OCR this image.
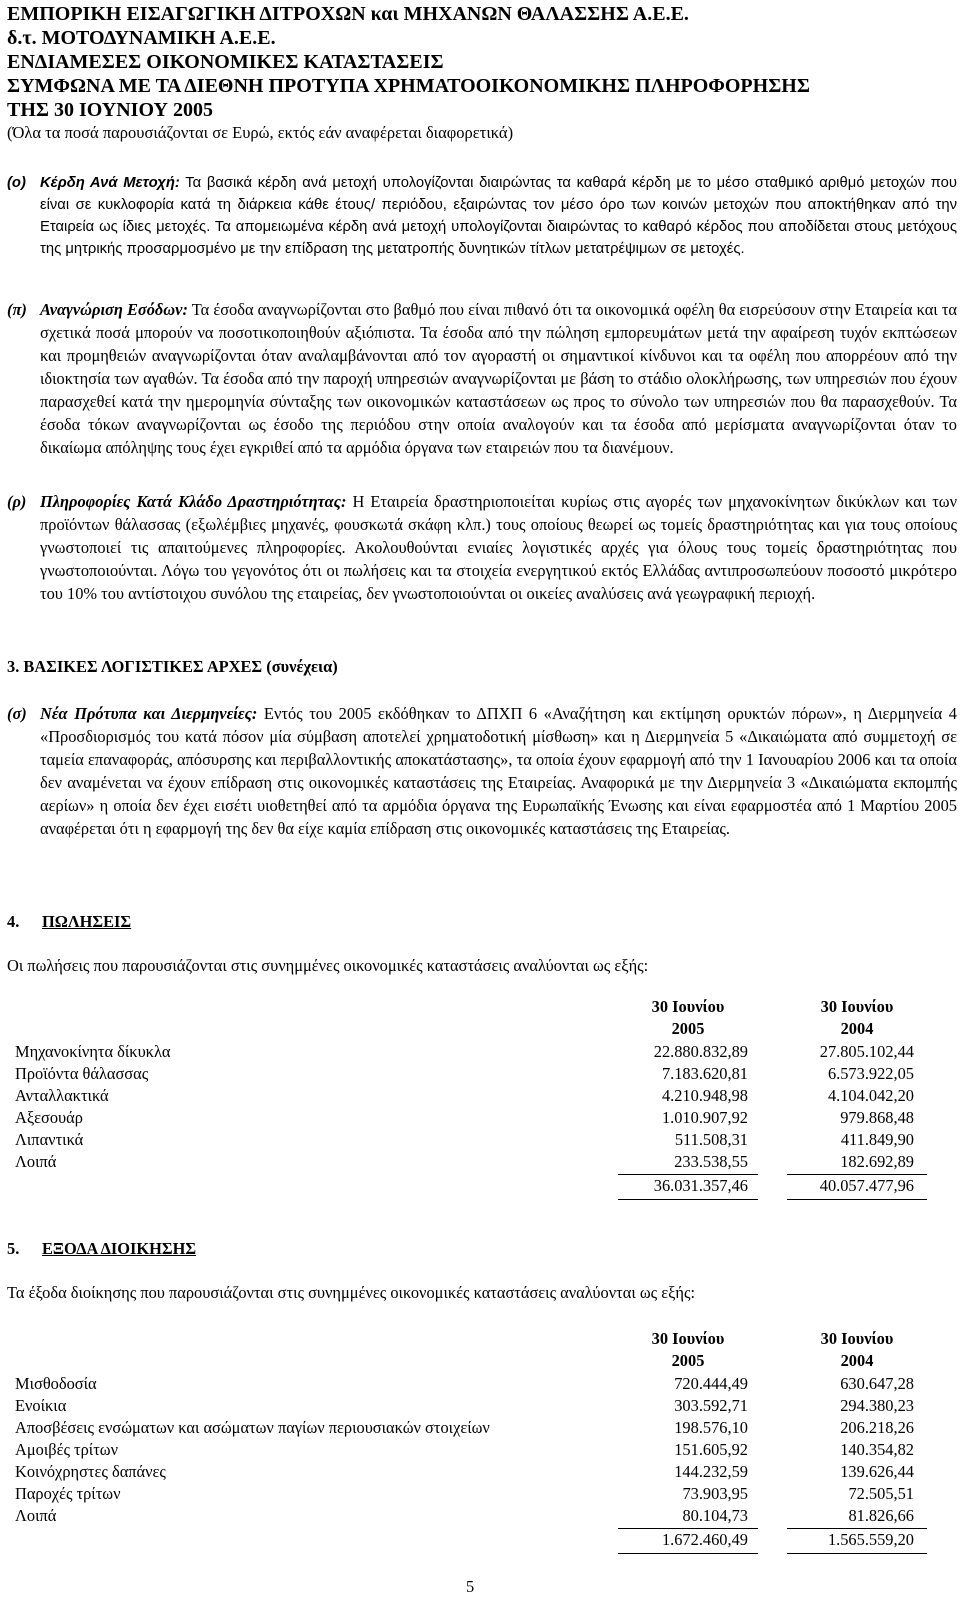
ΕΜΠΟΡΙΚΗ ΕΙΣΑΓΩΓΙΚΗ ΔΙΤΡΟΧΩΝ και ΜΗΧΑΝΩΝ ΘΑΛΑΣΣΗΣ Α.Ε.Ε.
δ.τ. ΜΟΤΟΔΥΝΑΜΙΚΗ Α.Ε.Ε.
ΕΝΔΙΑΜΕΣΕΣ ΟΙΚΟΝΟΜΙΚΕΣ ΚΑΤΑΣΤΑΣΕΙΣ
ΣΥΜΦΩΝΑ ΜΕ ΤΑ ΔΙΕΘΝΗ ΠΡΟΤΥΠΑ ΧΡΗΜΑΤΟΟΙΚΟΝΟΜΙΚΗΣ ΠΛΗΡΟΦΟΡΗΣΗΣ
ΤΗΣ 30 ΙΟΥΝΙΟΥ 2005
(Όλα τα ποσά παρουσιάζονται σε Ευρώ, εκτός εάν αναφέρεται διαφορετικά)
(ο) Κέρδη Ανά Μετοχή: Τα βασικά κέρδη ανά μετοχή υπολογίζονται διαιρώντας τα καθαρά κέρδη με το μέσο σταθμικό αριθμό μετοχών που είναι σε κυκλοφορία κατά τη διάρκεια κάθε έτους/ περιόδου, εξαιρώντας τον μέσο όρο των κοινών μετοχών που αποκτήθηκαν από την Εταιρεία ως ίδιες μετοχές. Τα απομειωμένα κέρδη ανά μετοχή υπολογίζονται διαιρώντας το καθαρό κέρδος που αποδίδεται στους μετόχους της μητρικής προσαρμοσμένο με την επίδραση της μετατροπής δυνητικών τίτλων μετατρέψιμων σε μετοχές.
(π) Αναγνώριση Εσόδων: Τα έσοδα αναγνωρίζονται στο βαθμό που είναι πιθανό ότι τα οικονομικά οφέλη θα εισρεύσουν στην Εταιρεία και τα σχετικά ποσά μπορούν να ποσοτικοποιηθούν αξιόπιστα. Τα έσοδα από την πώληση εμπορευμάτων μετά την αφαίρεση τυχόν εκπτώσεων και προμηθειών αναγνωρίζονται όταν αναλαμβάνονται από τον αγοραστή οι σημαντικοί κίνδυνοι και τα οφέλη που απορρέουν από την ιδιοκτησία των αγαθών. Τα έσοδα από την παροχή υπηρεσιών αναγνωρίζονται με βάση το στάδιο ολοκλήρωσης, των υπηρεσιών που έχουν παρασχεθεί κατά την ημερομηνία σύνταξης των οικονομικών καταστάσεων ως προς το σύνολο των υπηρεσιών που θα παρασχεθούν. Τα έσοδα τόκων αναγνωρίζονται ως έσοδο της περιόδου στην οποία αναλογούν και τα έσοδα από μερίσματα αναγνωρίζονται όταν το δικαίωμα απόληψης τους έχει εγκριθεί από τα αρμόδια όργανα των εταιρειών που τα διανέμουν.
(ρ) Πληροφορίες Κατά Κλάδο Δραστηριότητας: Η Εταιρεία δραστηριοποιείται κυρίως στις αγορές των μηχανοκίνητων δικύκλων και των προϊόντων θάλασσας (εξωλέμβιες μηχανές, φουσκωτά σκάφη κλπ.) τους οποίους θεωρεί ως τομείς δραστηριότητας και για τους οποίους γνωστοποιεί τις απαιτούμενες πληροφορίες. Ακολουθούνται ενιαίες λογιστικές αρχές για όλους τους τομείς δραστηριότητας που γνωστοποιούνται. Λόγω του γεγονότος ότι οι πωλήσεις και τα στοιχεία ενεργητικού εκτός Ελλάδας αντιπροσωπεύουν ποσοστό μικρότερο του 10% του αντίστοιχου συνόλου της εταιρείας, δεν γνωστοποιούνται οι οικείες αναλύσεις ανά γεωγραφική περιοχή.
3. ΒΑΣΙΚΕΣ ΛΟΓΙΣΤΙΚΕΣ ΑΡΧΕΣ (συνέχεια)
(σ) Νέα Πρότυπα και Διερμηνείες: Εντός του 2005 εκδόθηκαν το ΔΠΧΠ 6 «Αναζήτηση και εκτίμηση ορυκτών πόρων», η Διερμηνεία 4 «Προσδιορισμός του κατά πόσον μία σύμβαση αποτελεί χρηματοδοτική μίσθωση» και η Διερμηνεία 5 «Δικαιώματα από συμμετοχή σε ταμεία επαναφοράς, απόσυρσης και περιβαλλοντικής αποκατάστασης», τα οποία έχουν εφαρμογή από την 1 Ιανουαρίου 2006 και τα οποία δεν αναμένεται να έχουν επίδραση στις οικονομικές καταστάσεις της Εταιρείας. Αναφορικά με την Διερμηνεία 3 «Δικαιώματα εκπομπής αερίων» η οποία δεν έχει εισέτι υιοθετηθεί από τα αρμόδια όργανα της Ευρωπαϊκής Ένωσης και είναι εφαρμοστέα από 1 Μαρτίου 2005 αναφέρεται ότι η εφαρμογή της δεν θα είχε καμία επίδραση στις οικονομικές καταστάσεις της Εταιρείας.
4. ΠΩΛΗΣΕΙΣ
Οι πωλήσεις που παρουσιάζονται στις συνημμένες οικονομικές καταστάσεις αναλύονται ως εξής:
30 Ιουνίου
2005
30 Ιουνίου
2004
Μηχανοκίνητα δίκυκλα	22.880.832,89	27.805.102,44
Προϊόντα θάλασσας	7.183.620,81	6.573.922,05
Ανταλλακτικά	4.210.948,98	4.104.042,20
Αξεσουάρ	1.010.907,92	979.868,48
Λιπαντικά	511.508,31	411.849,90
Λοιπά	233.538,55	182.692,89
36.031.357,46	40.057.477,96
5. ΕΞΟΔΑ ΔΙΟΙΚΗΣΗΣ
Τα έξοδα διοίκησης που παρουσιάζονται στις συνημμένες οικονομικές καταστάσεις αναλύονται ως εξής:
30 Ιουνίου
2005
30 Ιουνίου
2004
Μισθοδοσία	720.444,49	630.647,28
Ενοίκια	303.592,71	294.380,23
Αποσβέσεις ενσώματων και ασώματων παγίων περιουσιακών στοιχείων	198.576,10	206.218,26
Αμοιβές τρίτων	151.605,92	140.354,82
Κοινόχρηστες δαπάνες	144.232,59	139.626,44
Παροχές τρίτων	73.903,95	72.505,51
Λοιπά	80.104,73	81.826,66
1.672.460,49	1.565.559,20
5
